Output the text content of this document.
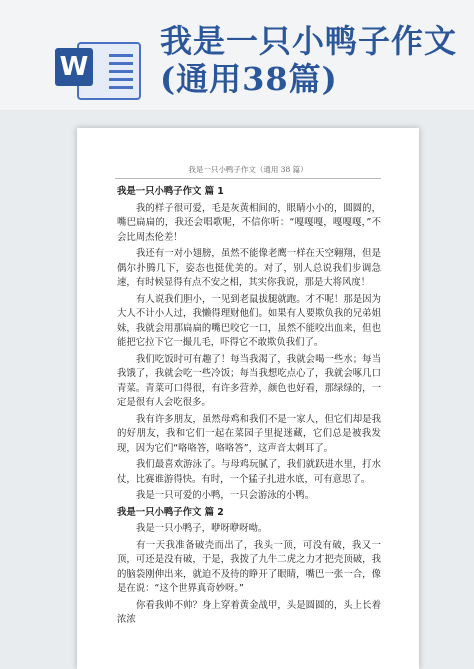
W
我是一只小鸭子作文(通用38篇)
我是一只小鸭子作文（通用 38 篇）
我是一只小鸭子作文 篇 1
我的样子很可爱，毛是灰黄相间的，眼睛小小的，圆圆的，嘴巴扁扁的，我还会唱歌呢，不信你听：“嘎嘎嘎，嘎嘎嘎，”不会比周杰伦差！
我还有一对小翅膀，虽然不能像老鹰一样在天空翱翔，但是偶尔扑腾几下，姿态也挺优美的。对了，别人总说我们步调急速，有时候显得有点不安之相，其实你我说，那是大将风度！
有人说我们胆小，一见到老鼠拔腿就跑。才不呢！那是因为大人不计小人过，我懒得理财他们。如果有人要欺负我的兄弟姐妹，我就会用那扁扁的嘴巴咬它一口，虽然不能咬出血来，但也能把它拉下它一撮儿毛，吓得它不敢欺负我们了。
我们吃饭时可有趣了！每当我渴了，我就会喝一些水；每当我饿了，我就会吃一些冷饭；每当我想吃点心了，我就会啄几口青菜。青菜可口得很，有许多营养，颜色也好看，那绿绿的，一定是很有人会吃很多。
我有许多朋友，虽然母鸡和我们不是一家人，但它们却是我的好朋友，我和它们一起在菜园子里捉迷藏，它们总是被我发现，因为它们“咯咯答，咯咯答”，这声音太刺耳了。
我们最喜欢游泳了。与母鸡玩腻了，我们就跃进水里，打水仗，比赛谁游得快。有时，一个猛子扎进水底，可有意思了。
我是一只可爱的小鸭，一只会游泳的小鸭。
我是一只小鸭子作文 篇 2
我是一只小鸭子，咿呀咿呀呦。
有一天我准备破壳而出了，我头一顶，可没有破，我又一顶，可还是没有破，于是，我拨了九牛二虎之力才把壳顶破，我的脑袋刚伸出来，就迫不及待的睁开了眼睛，嘴巴一张一合，像是在说：“这个世界真奇妙呀。”
你看我帅不帅？身上穿着黄金战甲，头是圆圆的，头上长着浓浓
